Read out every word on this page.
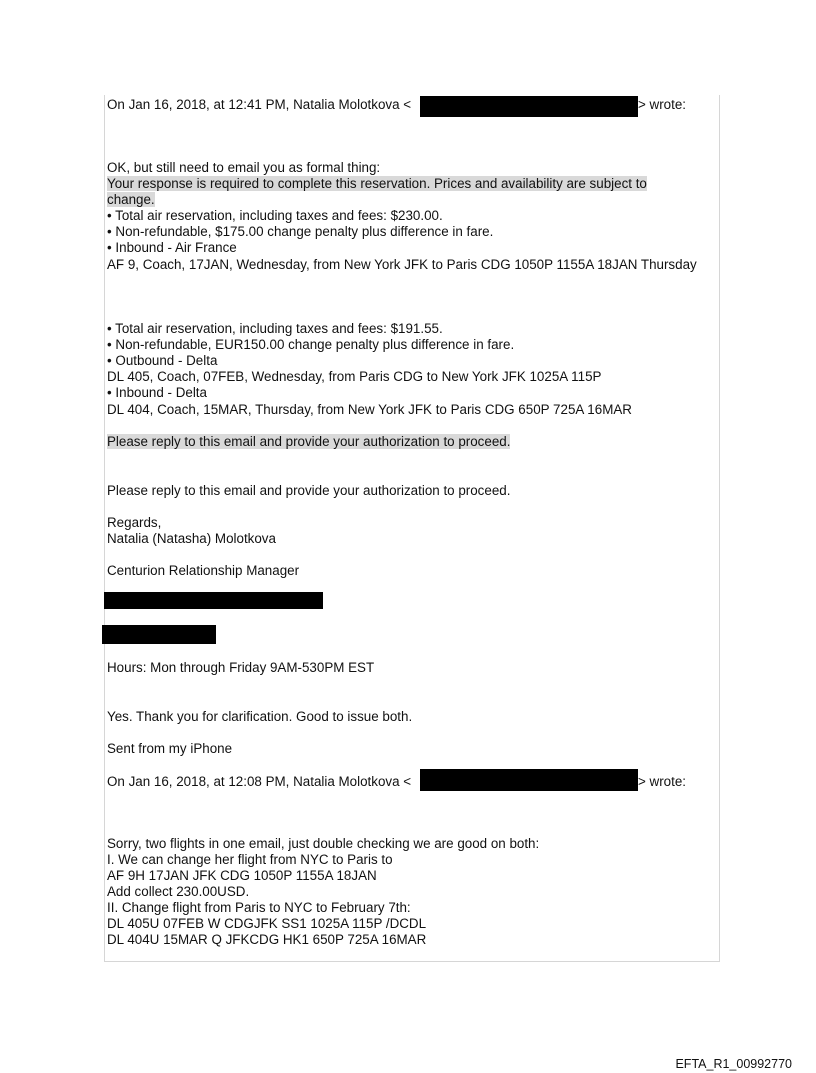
On Jan 16, 2018, at 12:41 PM, Natalia Molotkova <	> wrote:
OK, but still need to email you as formal thing:
Your response is required to complete this reservation. Prices and availability are subject to change.
• Total air reservation, including taxes and fees: $230.00.
• Non-refundable, $175.00 change penalty plus difference in fare.
• Inbound - Air France
AF 9, Coach, 17JAN, Wednesday, from New York JFK to Paris CDG 1050P 1155A 18JAN Thursday
• Total air reservation, including taxes and fees: $191.55.
• Non-refundable, EUR150.00 change penalty plus difference in fare.
• Outbound - Delta
DL 405, Coach, 07FEB, Wednesday, from Paris CDG to New York JFK 1025A 115P
• Inbound - Delta
DL 404, Coach, 15MAR, Thursday, from New York JFK to Paris CDG 650P 725A 16MAR
Please reply to this email and provide your authorization to proceed.
Please reply to this email and provide your authorization to proceed.
Regards,
Natalia (Natasha) Molotkova
Centurion Relationship Manager
Hours: Mon through Friday 9AM-530PM EST
Yes. Thank you for clarification. Good to issue both.
Sent from my iPhone
On Jan 16, 2018, at 12:08 PM, Natalia Molotkova <	> wrote:
Sorry, two flights in one email, just double checking we are good on both:
I. We can change her flight from NYC to Paris to
AF 9H 17JAN JFK CDG 1050P 1155A 18JAN
Add collect 230.00USD.
II. Change flight from Paris to NYC to February 7th:
DL 405U 07FEB W CDGJFK SS1 1025A 115P /DCDL
DL 404U 15MAR Q JFKCDG HK1 650P 725A 16MAR
EFTA_R1_00992770
